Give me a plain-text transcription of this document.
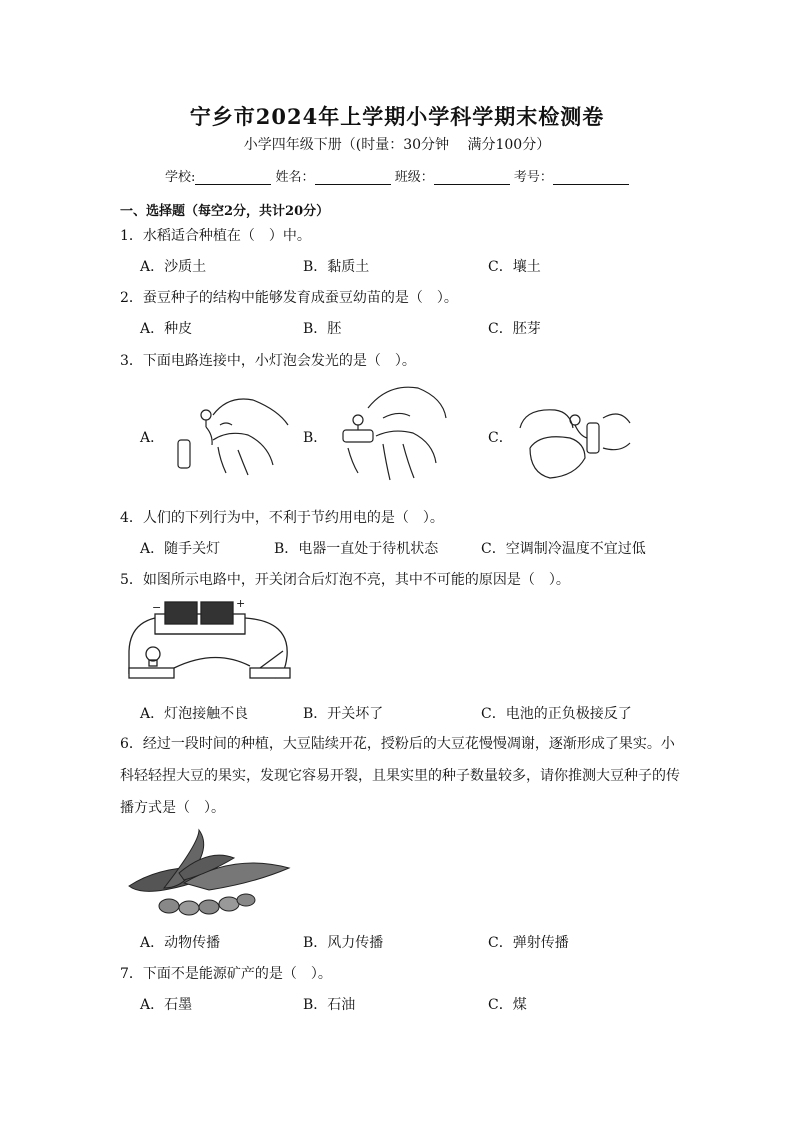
宁乡市2024年上学期小学科学期末检测卷
小学四年级下册（(时量：30分钟　 满分100分）
学校:	姓名：	班级：	考号：
一、选择题（每空2分，共计20分）
1．水稻适合种植在（　）中。
A．沙质土	B．黏质土	C．壤土
2．蚕豆种子的结构中能够发育成蚕豆幼苗的是（　）。
A．种皮	B．胚	C．胚芽
3．下面电路连接中，小灯泡会发光的是（　）。
A．	B．	C．
4．人们的下列行为中，不利于节约用电的是（　）。
A．随手关灯	B．电器一直处于待机状态	C．空调制冷温度不宜过低
5．如图所示电路中，开关闭合后灯泡不亮，其中不可能的原因是（　）。
−	+
A．灯泡接触不良	B．开关坏了	C．电池的正负极接反了
6．经过一段时间的种植，大豆陆续开花，授粉后的大豆花慢慢凋谢，逐渐形成了果实。小科轻轻捏大豆的果实，发现它容易开裂，且果实里的种子数量较多，请你推测大豆种子的传播方式是（　）。
A．动物传播	B．风力传播	C．弹射传播
7．下面不是能源矿产的是（　）。
A．石墨	B．石油	C．煤
